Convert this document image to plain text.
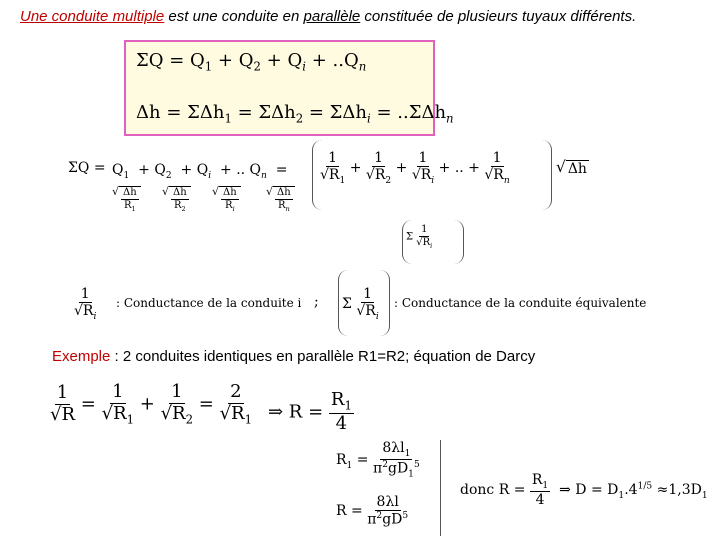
Une conduite multiple est une conduite en parallèle constituée de plusieurs tuyaux différents.
$\Sigma Q = Q_1 + Q_2 + Q_i + ..Q_n$
Δh = ΣΔh$_1$ = ΣΔh$_2$ = ΣΔh$_i$ = ..ΣΔh$_n$
$\Sigma Q = Q_1 + Q_2 + Q_i$  + .. $Q_n$  =
√ $\frac{\Delta h}{R_1}$ √ $\frac{\Delta h}{R_2}$ √ $\frac{\Delta h}{R_i}$ √ $\frac{\Delta h}{R_n}$
$\frac{1}{√R_1} + \frac{1}{√R_2} + \frac{1}{√R_i}$ + .. + $\frac{1}{√R_n}$	√ Δh
Σ $\frac{1}{√R_i}$
$\frac{1}{√R_i}$ : Conductance de la conduite i ; Σ $\frac{1}{√R_i}$ : Conductance de la conduite équivalente
Exemple : 2 conduites identiques en parallèle R1=R2; équation de Darcy
$\frac{1}{√R} = \frac{1}{√R_1} + \frac{1}{√R_2} = \frac{2}{√R_1}$ ⇒ $R = \frac{R_1}{4}$
$R_1 = \frac{8\lambda l_1}{\pi^2gD_1^5}$
$R = \frac{8\lambda l}{\pi^2gD^5}$
donc $R = \frac{R_1}{4}$ ⇒ $D = D_1.4^{1/5} \approx 1,3D_1$
